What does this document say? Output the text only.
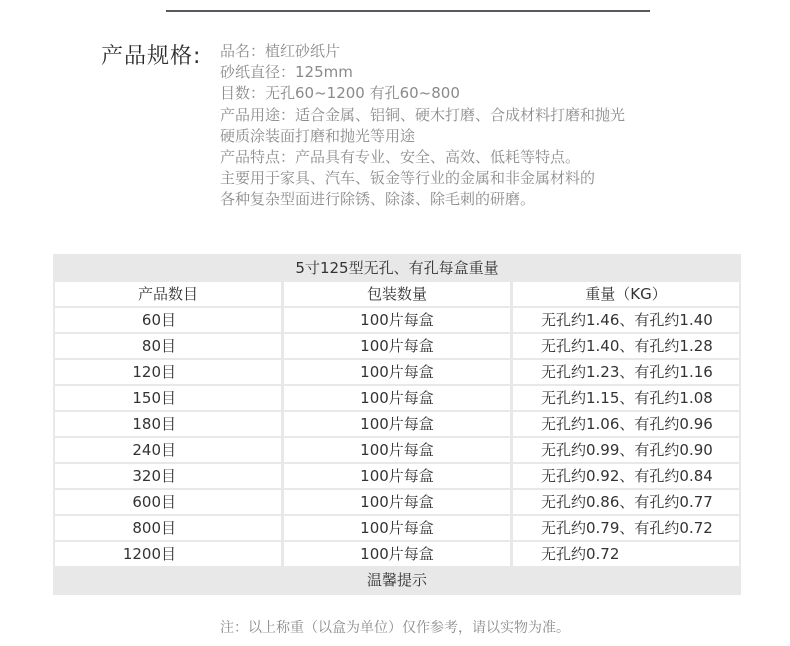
产品规格: 品名：植红砂纸片
砂纸直径：125mm
目数：无孔60~1200 有孔60~800
产品用途：适合金属、铝铜、硬木打磨、合成材料打磨和抛光
硬质涂装面打磨和抛光等用途
产品特点：产品具有专业、安全、高效、低耗等特点。
主要用于家具、汽车、钣金等行业的金属和非金属材料的
各种复杂型面进行除锈、除漆、除毛刺的研磨。
5寸125型无孔、有孔每盒重量
产品数目	包装数量	重量（KG）
60目	100片每盒	无孔约1.46、有孔约1.40
80目	100片每盒	无孔约1.40、有孔约1.28
120目	100片每盒	无孔约1.23、有孔约1.16
150目	100片每盒	无孔约1.15、有孔约1.08
180目	100片每盒	无孔约1.06、有孔约0.96
240目	100片每盒	无孔约0.99、有孔约0.90
320目	100片每盒	无孔约0.92、有孔约0.84
600目	100片每盒	无孔约0.86、有孔约0.77
800目	100片每盒	无孔约0.79、有孔约0.72
1200目	100片每盒	无孔约0.72
温馨提示
注：以上称重（以盒为单位）仅作参考，请以实物为准。
